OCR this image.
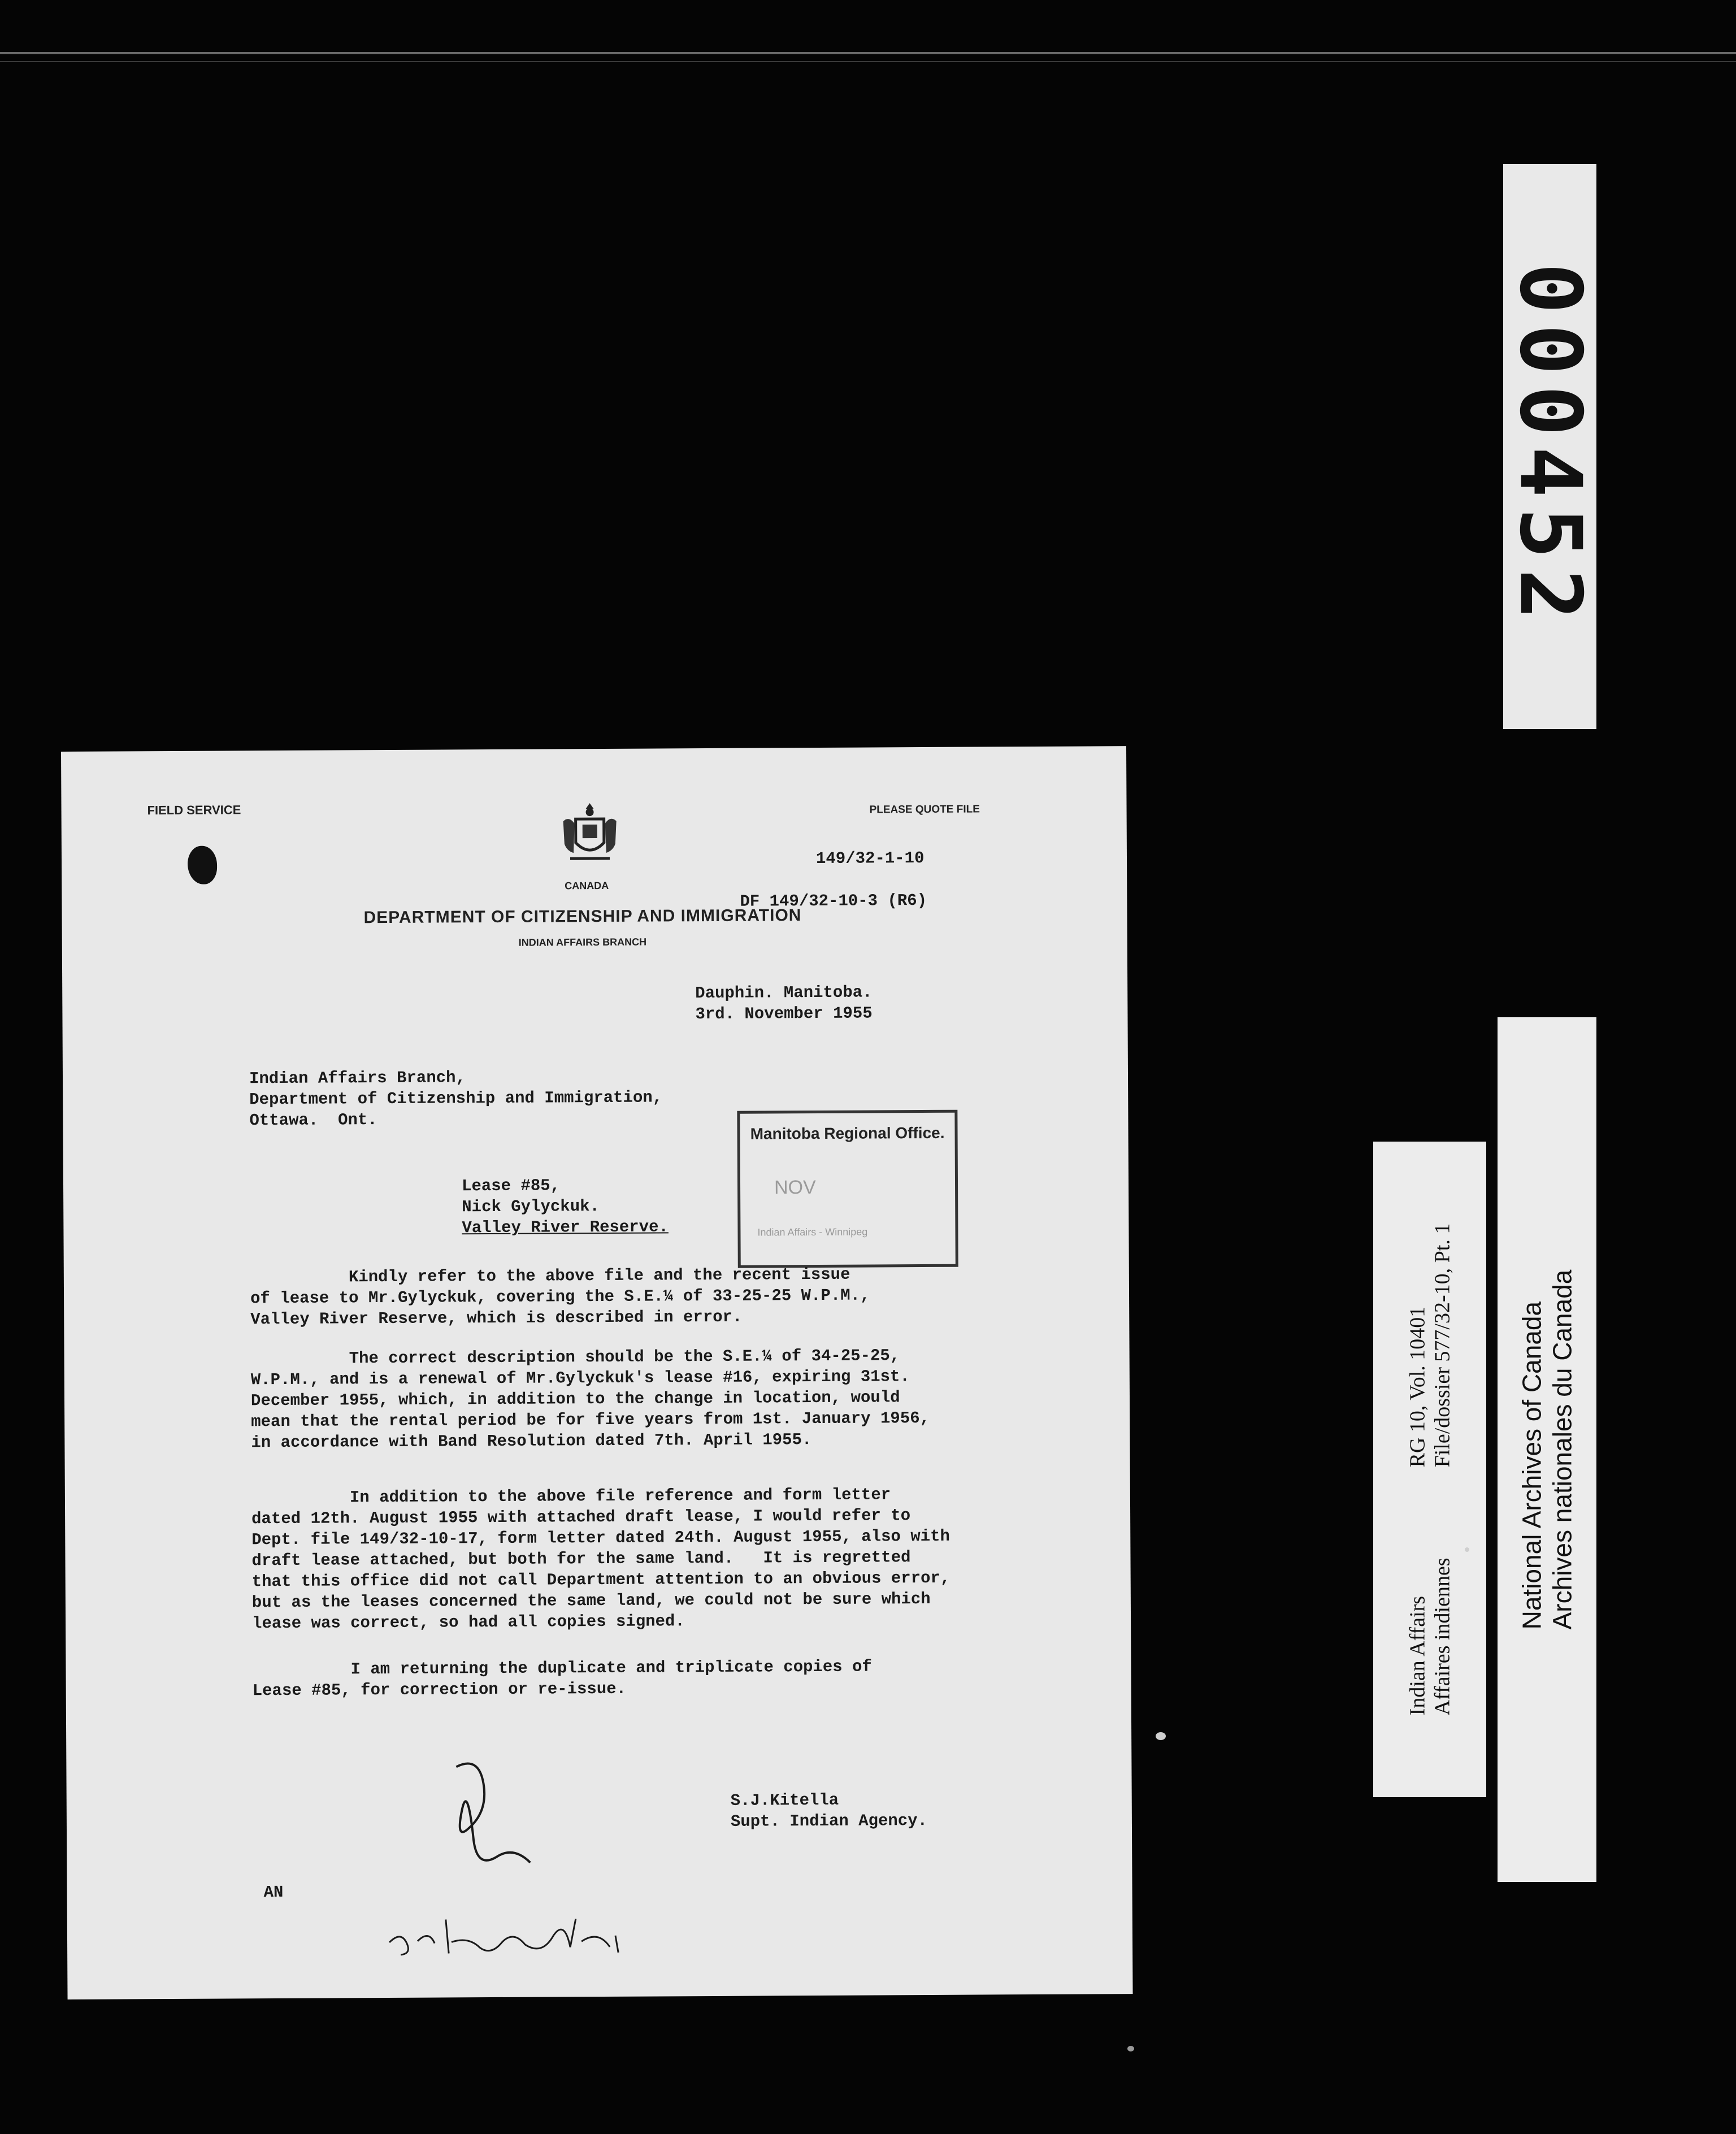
000452
Indian Affairs Affaires indiennes
RG 10, Vol. 10401 File/dossier 577/32-10, Pt. 1 National Archives of Canada Archives nationales du Canada
FIELD SERVICE	PLEASE QUOTE FILE
CANADA
DEPARTMENT OF CITIZENSHIP AND IMMIGRATION
INDIAN AFFAIRS BRANCH
149/32-1-10
DF 149/32-10-3 (R6)
Dauphin. Manitoba.
3rd. November 1955
Indian Affairs Branch,
Department of Citizenship and Immigration,
Ottawa.  Ont.
Manitoba Regional Office.
NOV
Indian Affairs - Winnipeg
Lease #85,
Nick Gylyckuk.
Valley River Reserve.
Kindly refer to the above file and the recent issue
of lease to Mr.Gylyckuk, covering the S.E.¼ of 33-25-25 W.P.M.,
Valley River Reserve, which is described in error.
The correct description should be the S.E.¼ of 34-25-25,
W.P.M., and is a renewal of Mr.Gylyckuk's lease #16, expiring 31st.
December 1955, which, in addition to the change in location, would
mean that the rental period be for five years from 1st. January 1956,
in accordance with Band Resolution dated 7th. April 1955.
In addition to the above file reference and form letter
dated 12th. August 1955 with attached draft lease, I would refer to
Dept. file 149/32-10-17, form letter dated 24th. August 1955, also with
draft lease attached, but both for the same land.   It is regretted
that this office did not call Department attention to an obvious error,
but as the leases concerned the same land, we could not be sure which
lease was correct, so had all copies signed.
I am returning the duplicate and triplicate copies of
Lease #85, for correction or re-issue.
S.J.Kitella
Supt. Indian Agency.
AN
